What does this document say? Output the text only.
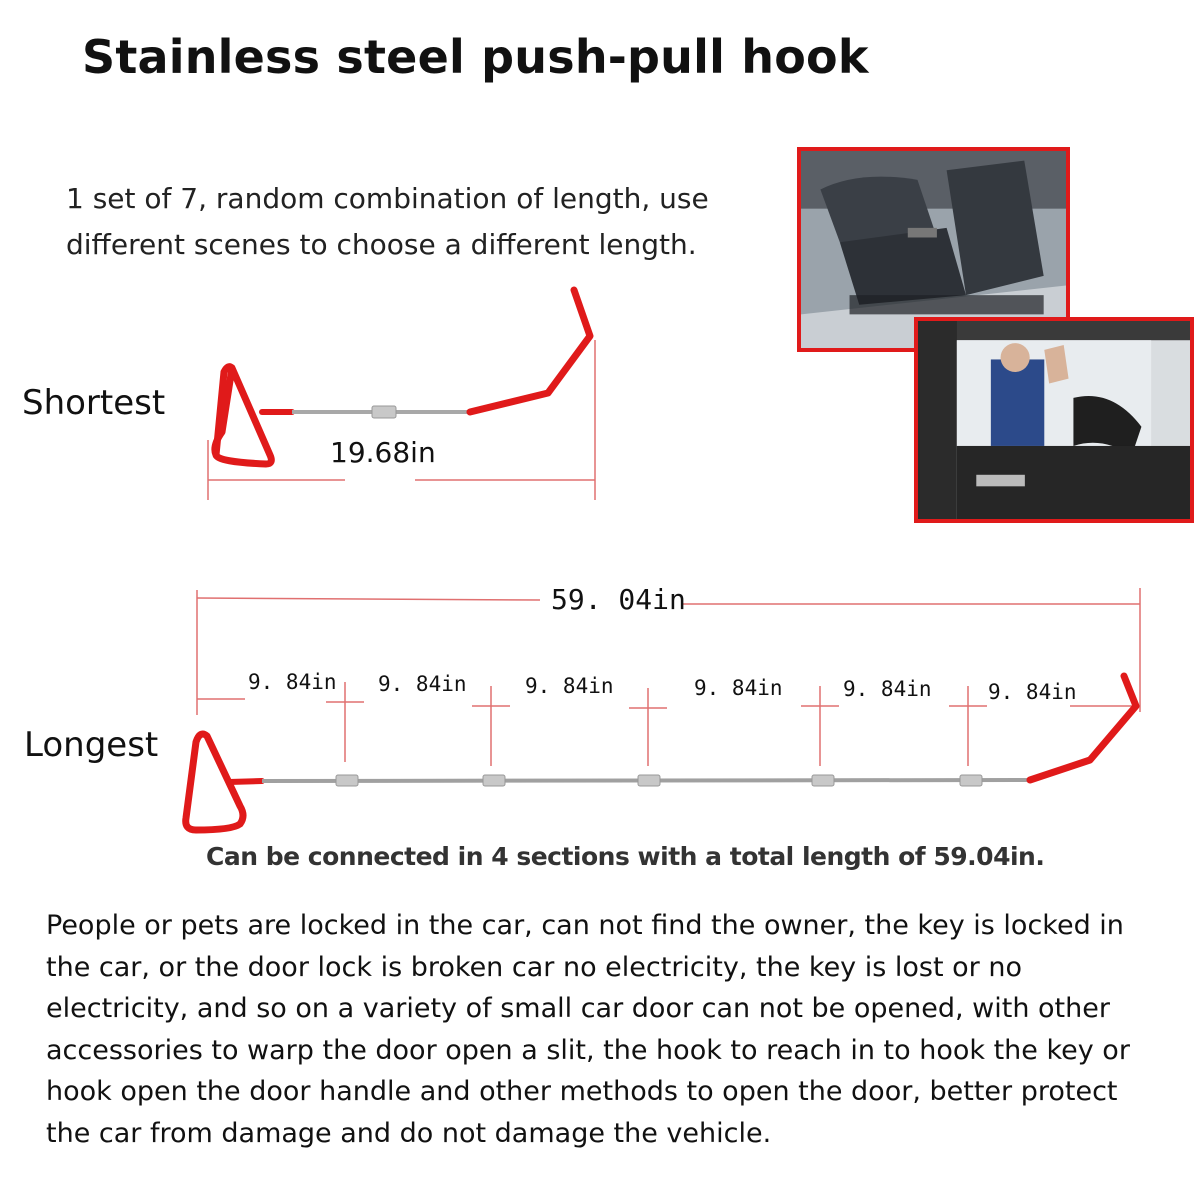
Stainless steel push-pull hook
1 set of 7, random combination of length, use different scenes to choose a different length.
Shortest
Longest
19.68in
59. 04in
9. 84in 9. 84in	9. 84in	9. 84in	9. 84in	9. 84in
Can be connected in 4 sections with a total length of 59.04in.
People or pets are locked in the car, can not find the owner, the key is locked in the car, or the door lock is broken car no electricity, the key is lost or no electricity, and so on a variety of small car door can not be opened, with other accessories to warp the door open a slit, the hook to reach in to hook the key or hook open the door handle and other methods to open the door, better protect the car from damage and do not damage the vehicle.
